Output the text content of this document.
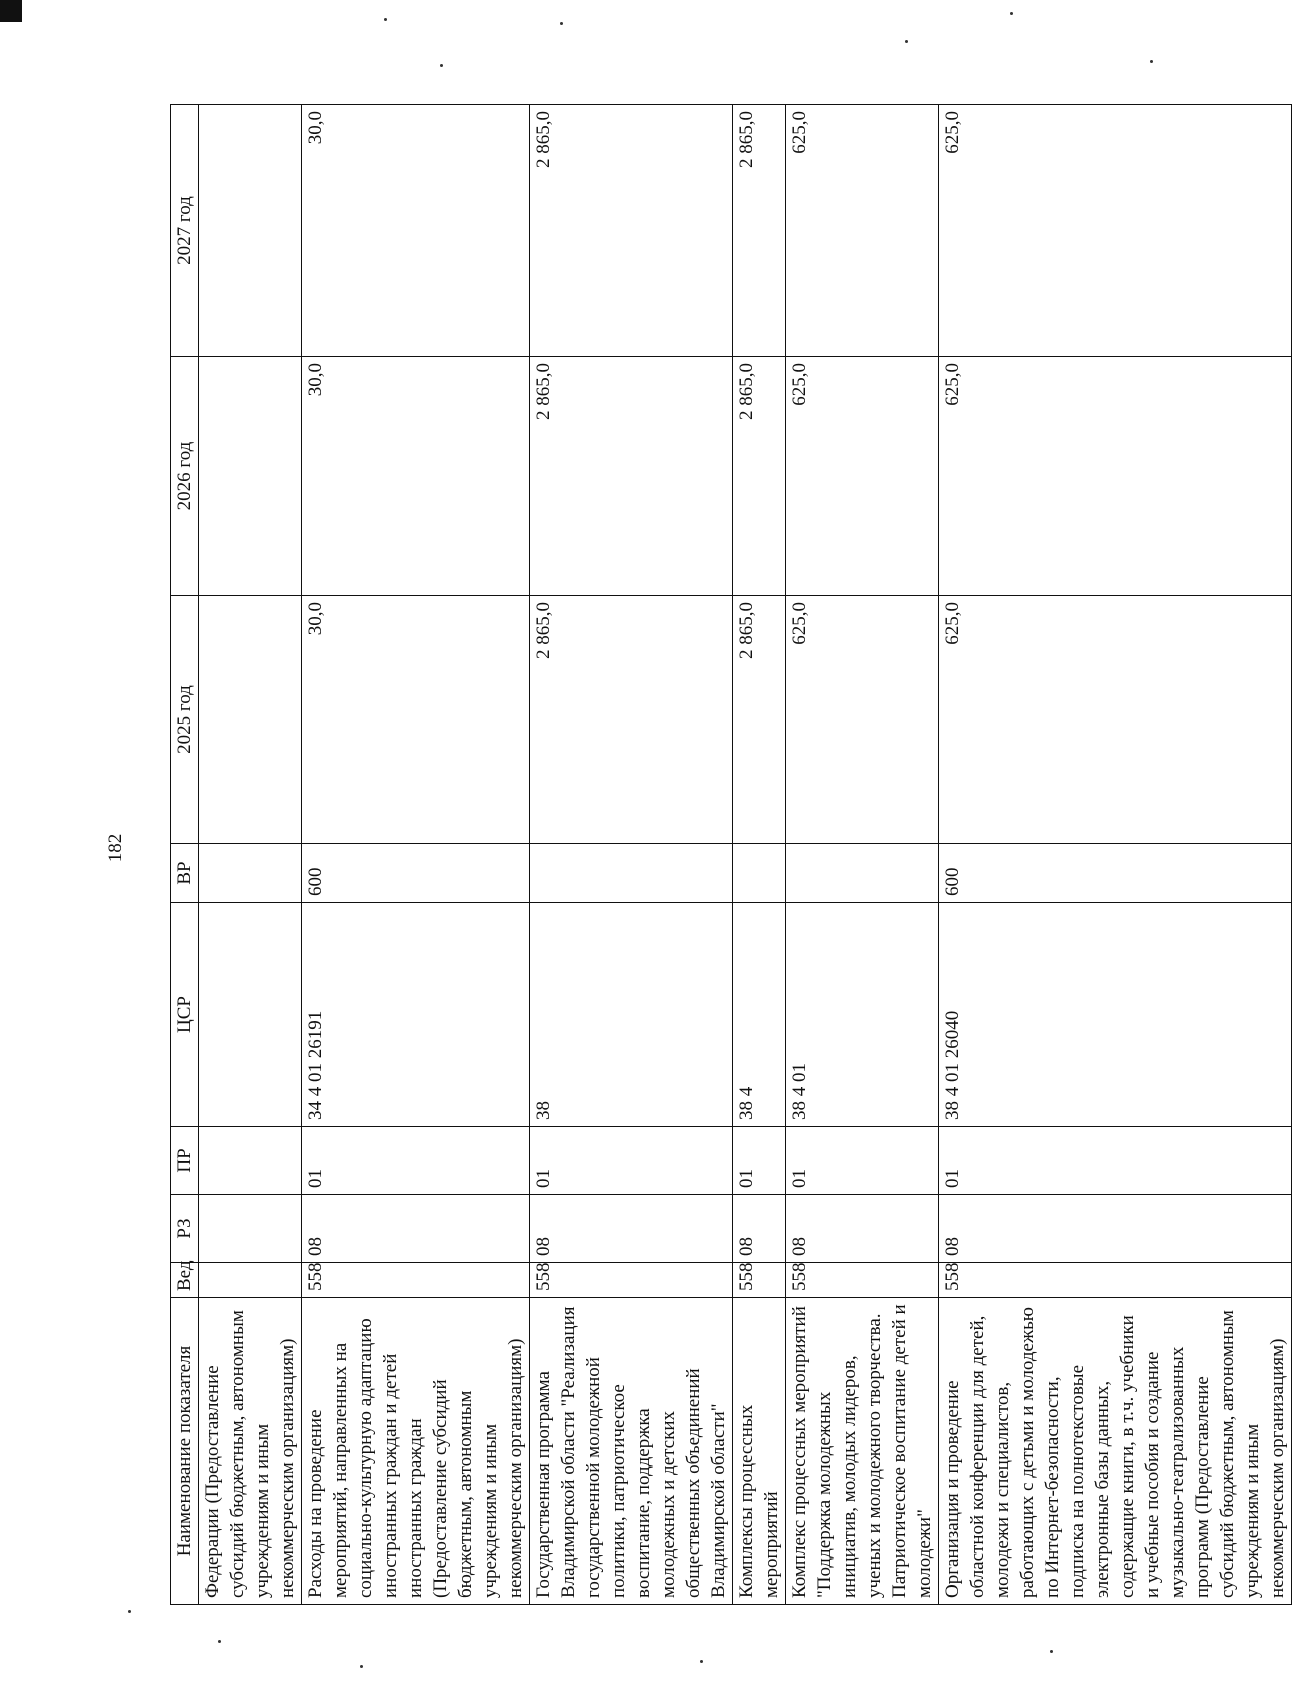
182
Наименование показателя	Вед	РЗ	ПР	ЦСР	ВР	2025 год	2026 год	2027 год
Федерации (Предоставление субсидий бюджетным, автономным учреждениям и иным некоммерческим организациям)								
Расходы на проведение мероприятий, направленных на социально-культурную адаптацию иностранных граждан и детей иностранных граждан (Предоставление субсидий бюджетным, автономным учреждениям и иным некоммерческим организациям)	558	08	01	34 4 01 26191	600	30,0	30,0	30,0
Государственная программа Владимирской области "Реализация государственной молодежной политики, патриотическое воспитание, поддержка молодежных и детских общественных объединений Владимирской области"	558	08	01	38		2 865,0	2 865,0	2 865,0
Комплексы процессных мероприятий	558	08	01	38 4		2 865,0	2 865,0	2 865,0
Комплекс процессных мероприятий "Поддержка молодежных инициатив, молодых лидеров, ученых и молодежного творчества. Патриотическое воспитание детей и молодежи"	558	08	01	38 4 01		625,0	625,0	625,0
Организация и проведение областной конференции для детей, молодежи и специалистов, работающих с детьми и молодежью по Интернет-безопасности, подписка на полнотекстовые электронные базы данных, содержащие книги, в т.ч. учебники и учебные пособия и создание музыкально-театрализованных программ (Предоставление субсидий бюджетным, автономным учреждениям и иным некоммерческим организациям)	558	08	01	38 4 01 26040	600	625,0	625,0	625,0
